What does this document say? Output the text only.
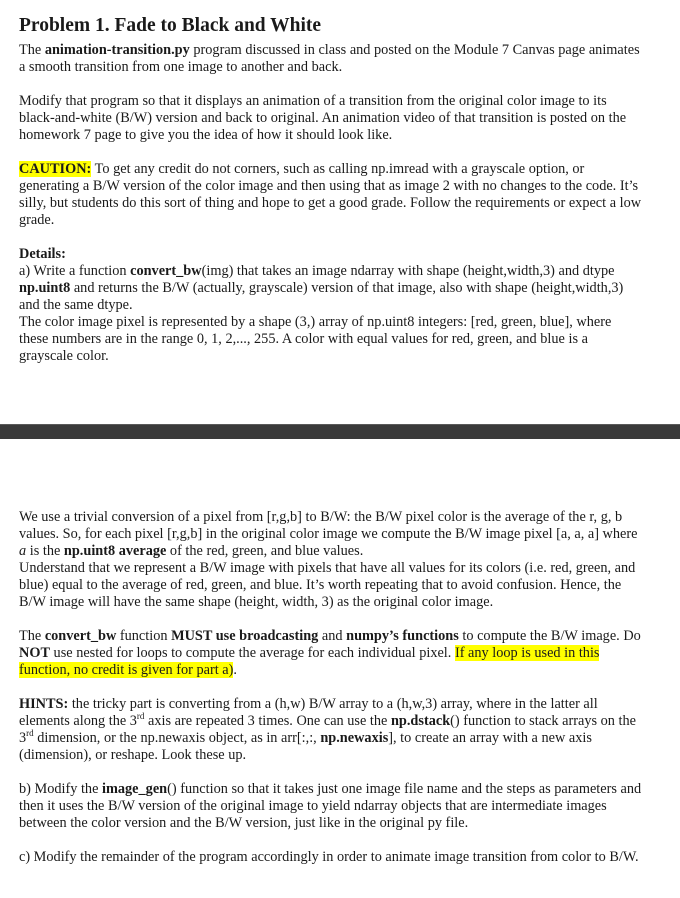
Problem 1. Fade to Black and White

The animation-transition.py program discussed in class and posted on the Module 7 Canvas page animates a smooth transition from one image to another and back.

Modify that program so that it displays an animation of a transition from the original color image to its black-and-white (B/W) version and back to original. An animation video of that transition is posted on the homework 7 page to give you the idea of how it should look like.

CAUTION: To get any credit do not corners, such as calling np.imread with a grayscale option, or generating a B/W version of the color image and then using that as image 2 with no changes to the code. It’s silly, but students do this sort of thing and hope to get a good grade. Follow the requirements or expect a low grade.

Details:

a) Write a function convert_bw(img) that takes an image ndarray with shape (height,width,3) and dtype np.uint8 and returns the B/W (actually, grayscale) version of that image, also with shape (height,width,3) and the same dtype.

The color image pixel is represented by a shape (3,) array of np.uint8 integers: [red, green, blue], where these numbers are in the range 0, 1, 2,..., 255. A color with equal values for red, green, and blue is a grayscale color.

We use a trivial conversion of a pixel from [r,g,b] to B/W: the B/W pixel color is the average of the r, g, b values. So, for each pixel [r,g,b] in the original color image we compute the B/W image pixel [a, a, a] where a is the np.uint8 average of the red, green, and blue values.
Understand that we represent a B/W image with pixels that have all values for its colors (i.e. red, green, and blue) equal to the average of red, green, and blue. It’s worth repeating that to avoid confusion. Hence, the B/W image will have the same shape (height, width, 3) as the original color image.

The convert_bw function MUST use broadcasting and numpy’s functions to compute the B/W image. Do NOT use nested for loops to compute the average for each individual pixel. If any loop is used in this function, no credit is given for part a).

HINTS: the tricky part is converting from a (h,w) B/W array to a (h,w,3) array, where in the latter all elements along the 3rd axis are repeated 3 times. One can use the np.dstack() function to stack arrays on the 3rd dimension, or the np.newaxis object, as in arr[:,:, np.newaxis], to create an array with a new axis (dimension), or reshape. Look these up.

b) Modify the image_gen() function so that it takes just one image file name and the steps as parameters and then it uses the B/W version of the original image to yield ndarray objects that are intermediate images between the color version and the B/W version, just like in the original py file.

c) Modify the remainder of the program accordingly in order to animate image transition from color to B/W.
